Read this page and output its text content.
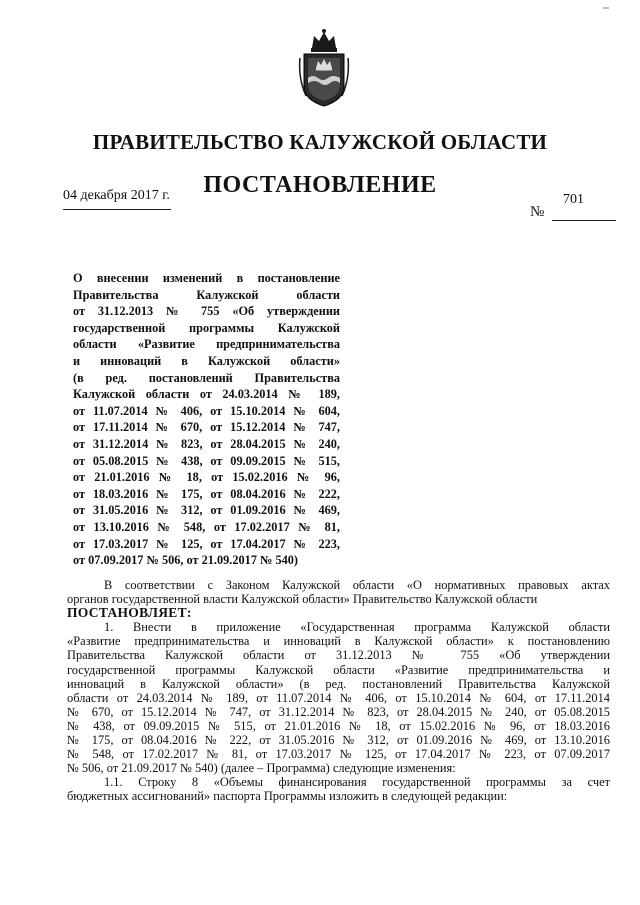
ПРАВИТЕЛЬСТВО КАЛУЖСКОЙ ОБЛАСТИ
ПОСТАНОВЛЕНИЕ
04 декабря 2017 г.	701
№
О внесении изменений в постановление
Правительства Калужской области
от 31.12.2013 № 755 «Об утверждении
государственной программы Калужской
области «Развитие предпринимательства
и инноваций в Калужской области»
(в ред. постановлений Правительства
Калужской области от 24.03.2014 № 189,
от 11.07.2014 № 406, от 15.10.2014 № 604,
от 17.11.2014 № 670, от 15.12.2014 № 747,
от 31.12.2014 № 823, от 28.04.2015 № 240,
от 05.08.2015 № 438, от 09.09.2015 № 515,
от 21.01.2016 № 18, от 15.02.2016 № 96,
от 18.03.2016 № 175, от 08.04.2016 № 222,
от 31.05.2016 № 312, от 01.09.2016 № 469,
от 13.10.2016 № 548, от 17.02.2017 № 81,
от 17.03.2017 № 125, от 17.04.2017 № 223,
от 07.09.2017 № 506, от 21.09.2017 № 540)
В соответствии с Законом Калужской области «О нормативных правовых актах
органов государственной власти Калужской области» Правительство Калужской области
ПОСТАНОВЛЯЕТ:
1. Внести в приложение «Государственная программа Калужской области
«Развитие предпринимательства и инноваций в Калужской области» к постановлению
Правительства Калужской области от 31.12.2013 № 755 «Об утверждении
государственной программы Калужской области «Развитие предпринимательства и
инноваций в Калужской области» (в ред. постановлений Правительства Калужской
области от 24.03.2014 № 189, от 11.07.2014 № 406, от 15.10.2014 № 604, от 17.11.2014
№ 670, от 15.12.2014 № 747, от 31.12.2014 № 823, от 28.04.2015 № 240, от 05.08.2015
№ 438, от 09.09.2015 № 515, от 21.01.2016 № 18, от 15.02.2016 № 96, от 18.03.2016
№ 175, от 08.04.2016 № 222, от 31.05.2016 № 312, от 01.09.2016 № 469, от 13.10.2016
№ 548, от 17.02.2017 № 81, от 17.03.2017 № 125, от 17.04.2017 № 223, от 07.09.2017
№ 506, от 21.09.2017 № 540) (далее – Программа) следующие изменения:
1.1. Строку 8 «Объемы финансирования государственной программы за счет
бюджетных ассигнований» паспорта Программы изложить в следующей редакции:
